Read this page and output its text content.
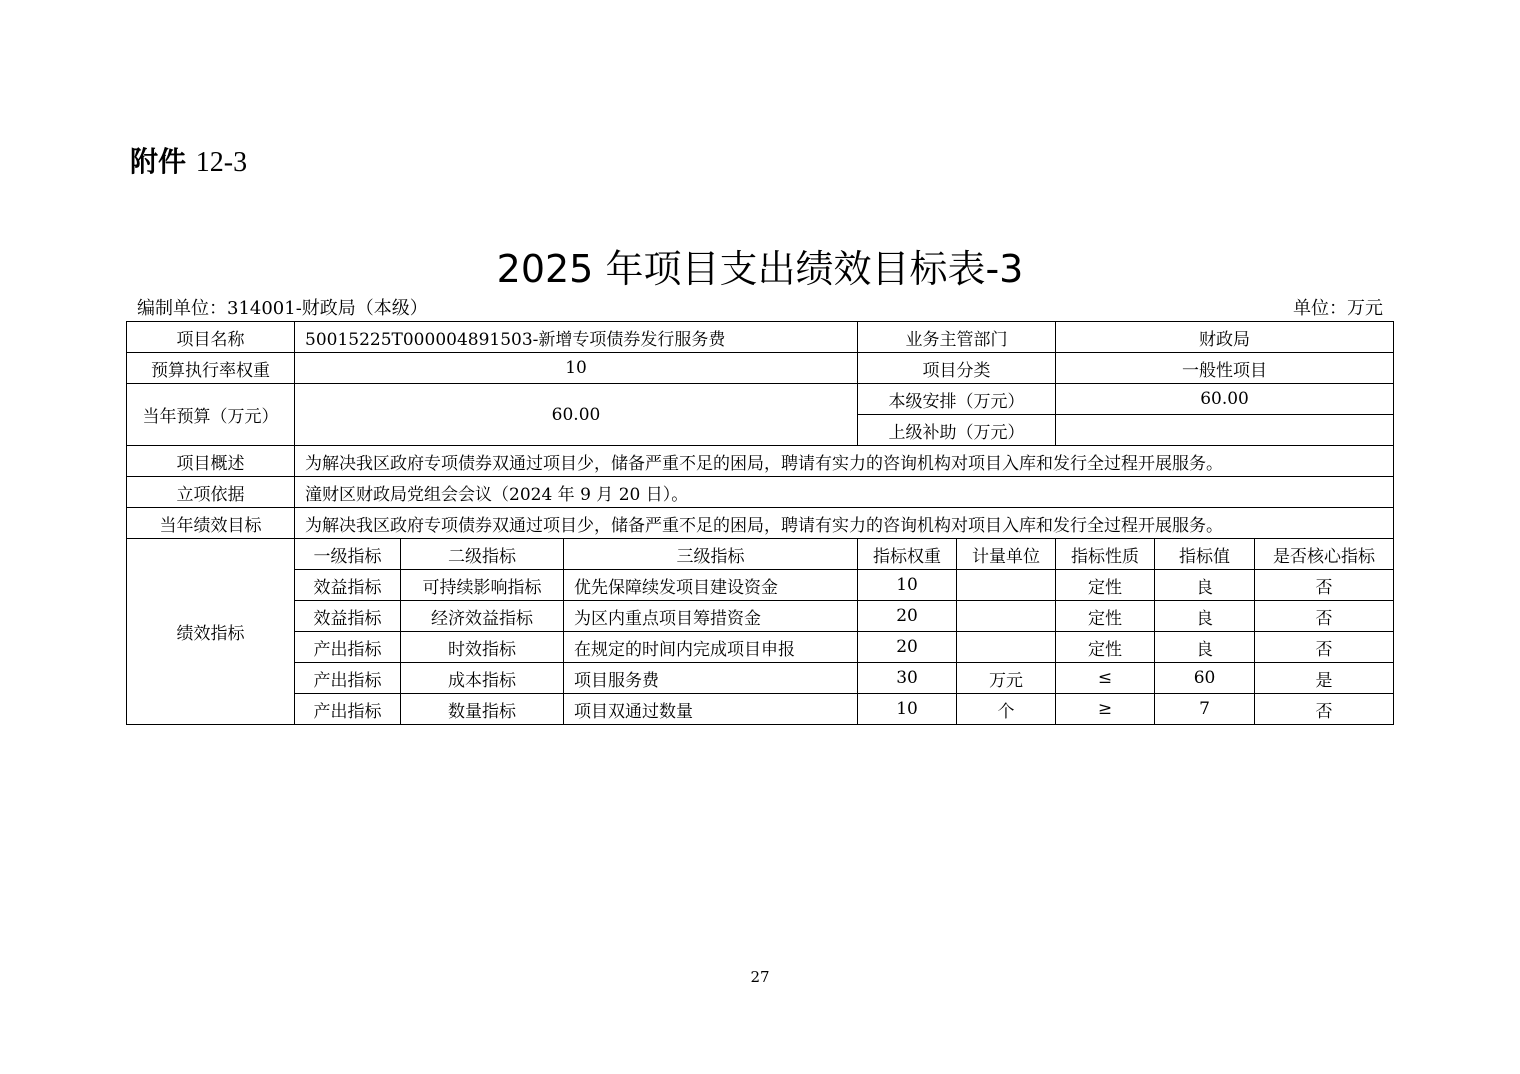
附件 12-3
2025 年项目支出绩效目标表-3
编制单位：314001-财政局（本级）	单位：万元
项目名称	50015225T000004891503-新增专项债券发行服务费			业务主管部门		财政局		
预算执行率权重	10			项目分类		一般性项目		
当年预算（万元）	60.00			本级安排（万元）		60.00		
				上级补助（万元）				
项目概述	为解决我区政府专项债券双通过项目少，储备严重不足的困局，聘请有实力的咨询机构对项目入库和发行全过程开展服务。							
立项依据	潼财区财政局党组会会议（2024 年 9 月 20 日）。							
当年绩效目标	为解决我区政府专项债券双通过项目少，储备严重不足的困局，聘请有实力的咨询机构对项目入库和发行全过程开展服务。							
绩效指标	一级指标	二级指标	三级指标	指标权重	计量单位	指标性质	指标值	是否核心指标
	效益指标	可持续影响指标	优先保障续发项目建设资金	10		定性	良	否
	效益指标	经济效益指标	为区内重点项目筹措资金	20		定性	良	否
	产出指标	时效指标	在规定的时间内完成项目申报	20		定性	良	否
	产出指标	成本指标	项目服务费	30	万元	≤	60	是
	产出指标	数量指标	项目双通过数量	10	个	≥	7	否
27
